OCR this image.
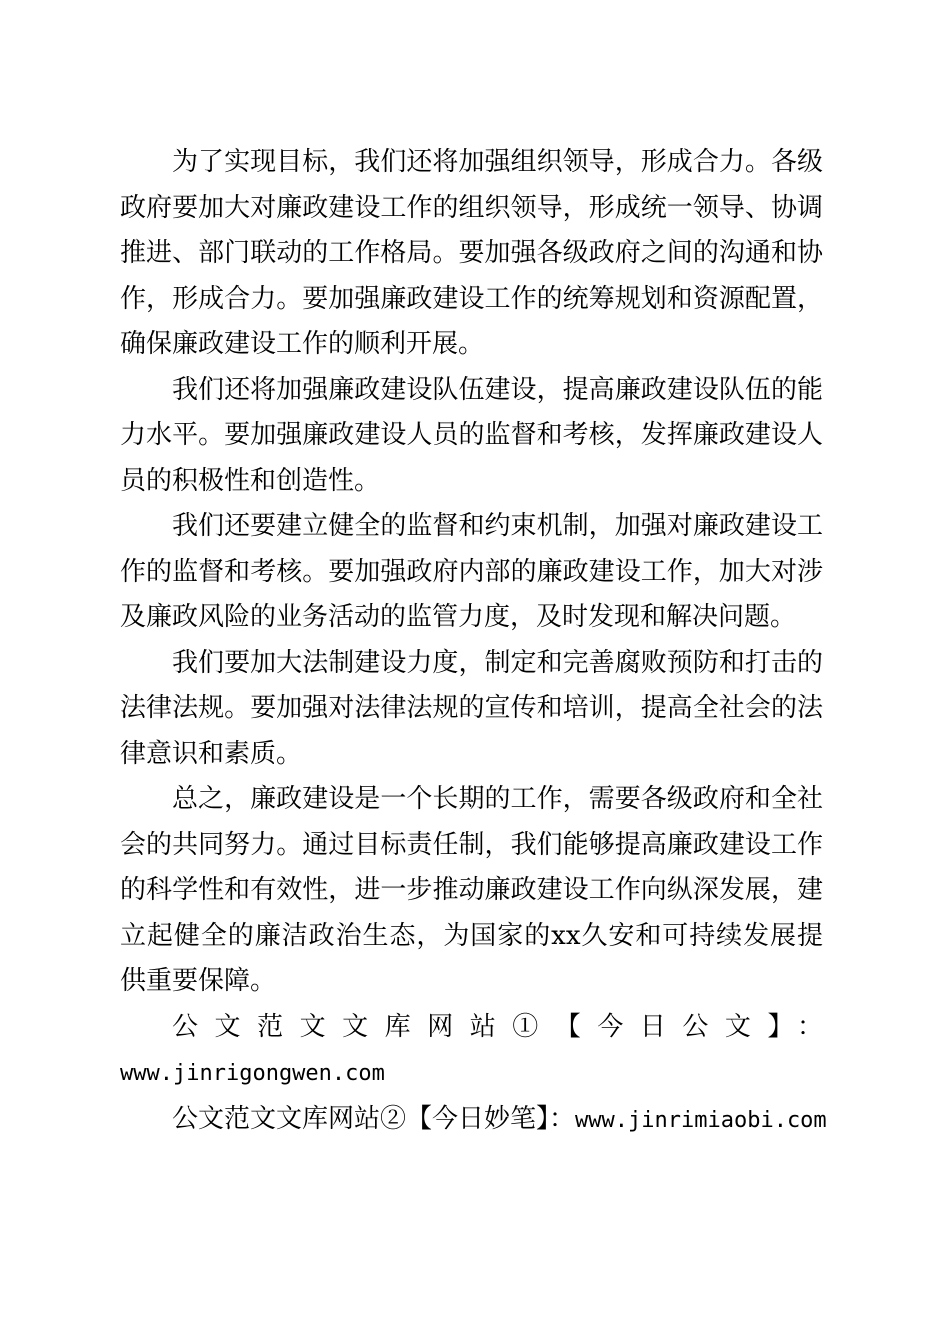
为了实现目标，我们还将加强组织领导，形成合力。各级政府要加大对廉政建设工作的组织领导，形成统一领导、协调推进、部门联动的工作格局。要加强各级政府之间的沟通和协作，形成合力。要加强廉政建设工作的统筹规划和资源配置，确保廉政建设工作的顺利开展。

我们还将加强廉政建设队伍建设，提高廉政建设队伍的能力水平。要加强廉政建设人员的监督和考核，发挥廉政建设人员的积极性和创造性。

我们还要建立健全的监督和约束机制，加强对廉政建设工作的监督和考核。要加强政府内部的廉政建设工作，加大对涉及廉政风险的业务活动的监管力度，及时发现和解决问题。

我们要加大法制建设力度，制定和完善腐败预防和打击的法律法规。要加强对法律法规的宣传和培训，提高全社会的法律意识和素质。

总之，廉政建设是一个长期的工作，需要各级政府和全社会的共同努力。通过目标责任制，我们能够提高廉政建设工作的科学性和有效性，进一步推动廉政建设工作向纵深发展，建立起健全的廉洁政治生态，为国家的xx久安和可持续发展提供重要保障。

公文范文文库网站①【今日公文】：

www.jinrigongwen.com

公文范文文库网站②【今日妙笔】：www.jinrimiaobi.com
